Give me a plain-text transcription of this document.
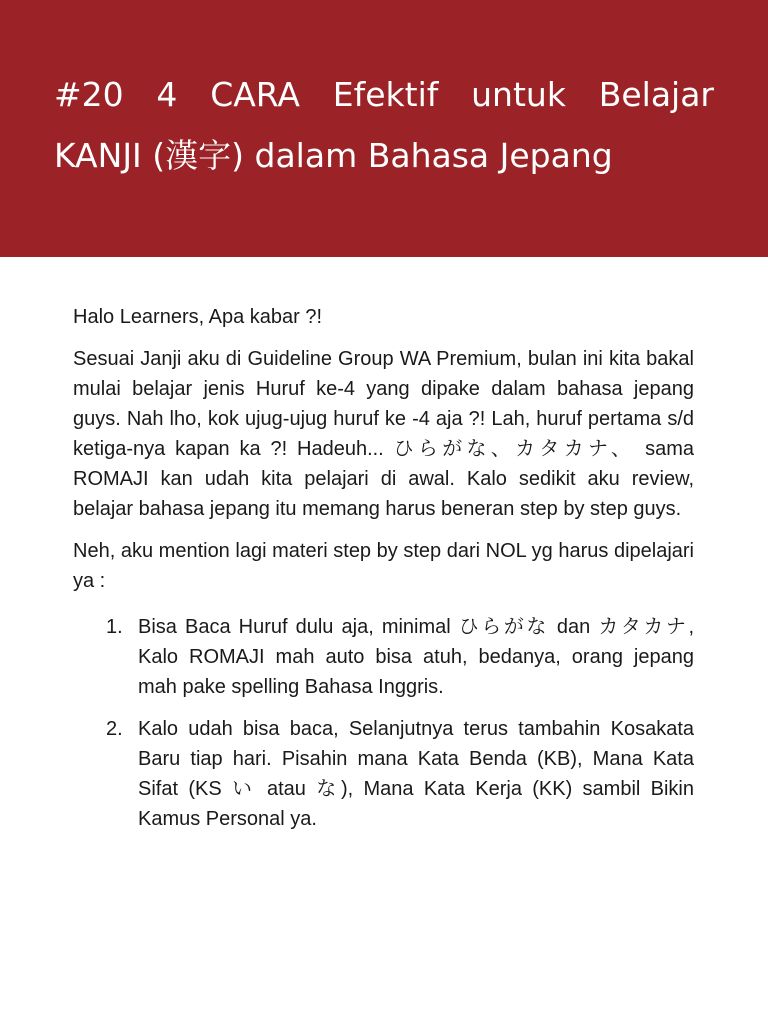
#20 4 CARA Efektif untuk Belajar
KANJI (漢字) dalam Bahasa Jepang

Halo Learners, Apa kabar ?!

Sesuai Janji aku di Guideline Group WA Premium, bulan ini kita bakal mulai belajar jenis Huruf ke-4 yang dipake dalam bahasa jepang guys. Nah lho, kok ujug-ujug huruf ke -4 aja ?! Lah, huruf pertama s/d ketiga-nya kapan ka ?! Hadeuh... ひらがな、カタカナ、 sama ROMAJI kan udah kita pelajari di awal. Kalo sedikit aku review, belajar bahasa jepang itu memang harus beneran step by step guys.

Neh, aku mention lagi materi step by step dari NOL yg harus dipelajari ya :

1. Bisa Baca Huruf dulu aja, minimal ひらがな dan カタカナ, Kalo ROMAJI mah auto bisa atuh, bedanya, orang jepang mah pake spelling Bahasa Inggris.
2. Kalo udah bisa baca, Selanjutnya terus tambahin Kosakata Baru tiap hari. Pisahin mana Kata Benda (KB), Mana Kata Sifat (KS い atau な), Mana Kata Kerja (KK) sambil Bikin Kamus Personal ya.
